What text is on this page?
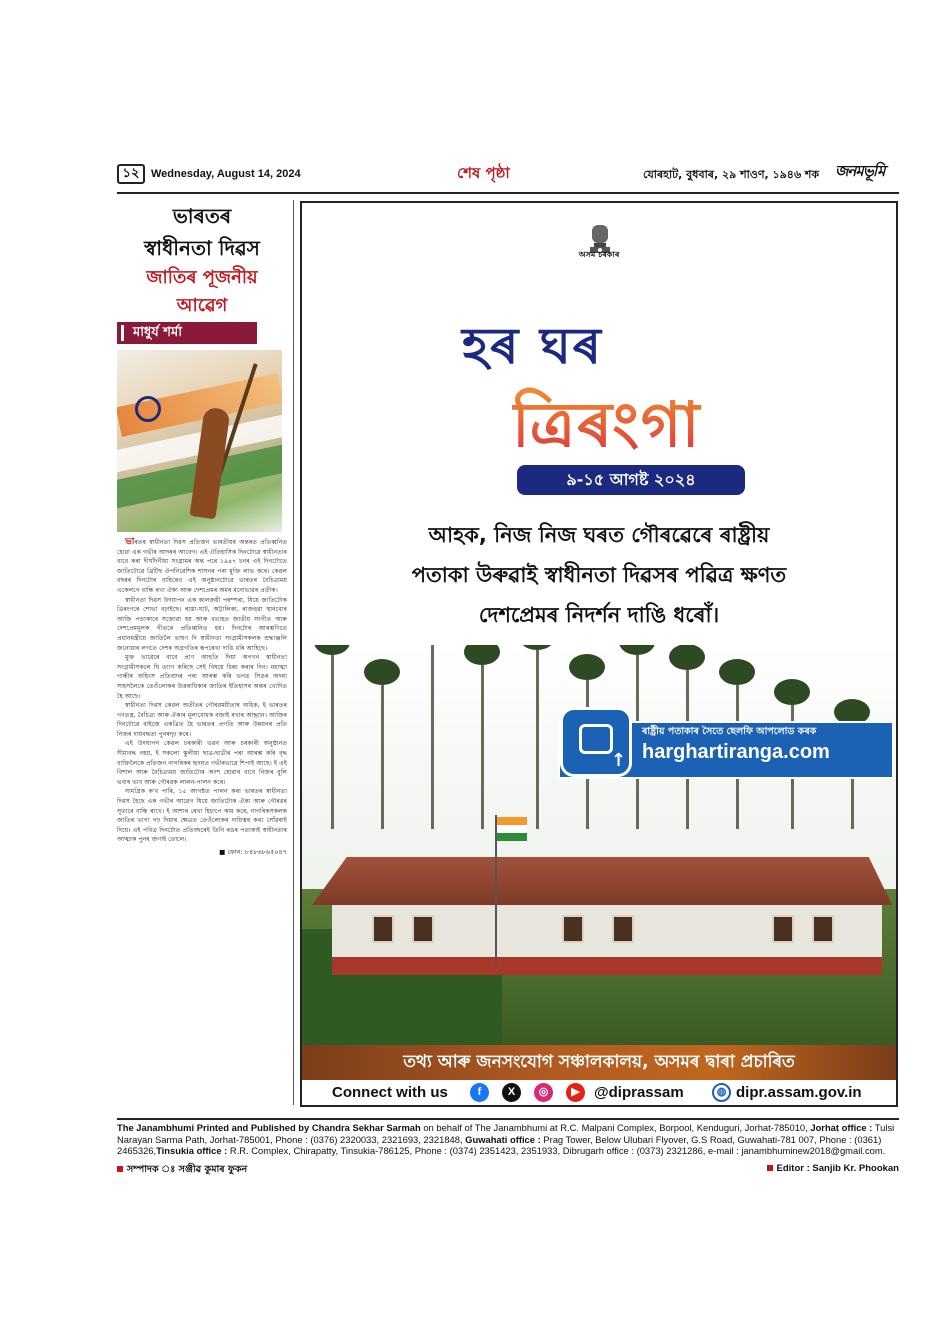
১২	Wednesday, August 14, 2024	শেষ পৃষ্ঠা	যোৰহাট, বুধবাৰ, ২৯ শাওণ, ১৯৪৬ শক জনমভূমি
ভাৰতৰ
স্বাধীনতা দিৱস
জাতিৰ পূজনীয়
আৱেগ
মাধুৰ্য শৰ্মা

ভাৰতৰ স্বাধীনতা দিৱস প্ৰতিজন ভাৰতীয়ৰ অন্তৰত প্ৰতিধ্বনিত হোৱা এক গভীৰ আদৰৰ আবেগ। এই ঐতিহাসিক দিনটোৱে স্বাধীনতাৰ বাবে কৰা দীৰ্ঘদিনীয়া সংগ্ৰামৰ অন্ত পৰে ১৯৪৭ চনৰ এই দিনটোতে জাতিটোৱে ব্ৰিটিছ ঔপনিৱেশিক শাসনৰ পৰা মুক্তি লাভ কৰে। কেৱল বছৰৰ দিনটোৰ বাহিৰেও এই অনুষ্ঠানটোৱে ভাৰতৰ বৈচিত্ৰ্যময় একেলগে বান্ধি ৰখা ঐক্য আৰু দেশপ্ৰেমৰ অমৰ মনোভাৱৰ প্ৰতীক।

স্বাধীনতা দিৱস উদযাপন এক কালজয়ী পৰম্পৰা, যিয়ে জাতিটোক ত্ৰিৰংগৰে শোভা বঢ়াইছে। ৰাস্তা-ঘাট, অট্টালিকা, ৰাজহুৱা স্থানবোৰ আজি পতাকাৰে সজোৱা হয় আৰু বতাহত জাতীয় সংগীত আৰু দেশপ্ৰেমমূলক গীতৰে প্ৰতিধ্বনিত হয়। দিনটোৰ আৰম্ভণিতে প্ৰধানমন্ত্ৰীয়ে জাতিলৈ ভাষণ দি স্বাধীনতা সংগ্ৰামীসকলক শ্ৰদ্ধাঞ্জলি জনোৱাৰ লগতে দেশৰ অগ্ৰগতিৰ ৰূপৰেখা দাঙি ধৰি আহিছে।

মুক্ত ভাৱেৰে বাবে প্ৰাণ আহুতি দিয়া অগণন স্বাধীনতা সংগ্ৰামীসকলে যি ত্যাগ কৰিছে সেই বিষয়ে চিন্তা কৰাৰ দিন। মহাত্মা গান্ধীৰ অহিংস প্ৰতিবাদৰ পৰা আৰম্ভ কৰি ভগত সিঙৰ অদম্য সাহসলৈকে তেওঁলোকৰ উত্তৰাধিকাৰ জাতিৰ ইতিহাসৰ অন্তৰ খোদিত হৈ আছে।

স্বাধীনতা দিৱস কেৱল অতীতৰ গৌৰৱময়ীতাৰ অধিক, ই ভাৰতৰ গণতন্ত্ৰ, বৈচিত্ৰ্য আৰু ঐক্যৰ মূল্যবোধক বজাই ৰখাৰ আহ্বান। আজিৰ দিনটোৱে বাইজে একত্ৰিত হৈ ভাৰতৰ প্ৰগতি আৰু উন্নয়নৰ প্ৰতি নিজৰ দায়বদ্ধতা পুনৰদৃঢ় কৰে।

এই উদযাপন কেৱল চৰকাৰী ভৱন আৰু চৰকাৰী অনুষ্ঠানত সীমাবদ্ধ নহয়, ই সকলো স্কুলীয়া ছাত্ৰ-ছাত্ৰীৰ পৰা আৰম্ভ কৰি বৃদ্ধ ব্যক্তিলৈকে প্ৰতিজন নাগৰিকৰ হৃদয়ত গভীৰভাৱে শিপাই আছে। ই এই বিশাল আৰু বৈচিত্ৰ্যময় জাতিটোৰ অংশ হোৱাৰ বাবে নিজৰ বুলি ভবাৰ ভাব আৰু গৌৰৱক লালন-পালন কৰে।

সামগ্ৰিক ক'ব পাৰি, ১৫ আগষ্টত পালন কৰা ভাৰতৰ স্বাধীনতা দিৱস হৈছে এক গভীৰ আৱেগ যিয়ে জাতিটোক ঐক্য আৰু গৌৰৱৰ সূতাৰে বান্ধি ৰাখে। ই আশাৰ ৰেখা হিচাপে কাম কৰে, নাগৰিকসকলক জাতিৰ ভাগ্য গঢ় দিয়াৰ ক্ষেত্ৰত তেওঁলোকৰ দায়িত্বৰ কথা সোঁৱৰাই দিয়ে। এই পবিত্ৰ দিনটোত প্ৰতিবছৰেই তিনি ৰঙৰ পতাকাই স্বাধীনতাৰ আত্মাক পুনৰ জগাই তোলে।

■ ফোন: ৮৪৮৬৮৬৫০৪৭
অসম চৰকাৰ
হৰ ঘৰ
ত্ৰিৰংগা
৯-১৫ আগষ্ট ২০২৪
আহক, নিজ নিজ ঘৰত গৌৰৱেৰে ৰাষ্ট্ৰীয়
পতাকা উৰুৱাই স্বাধীনতা দিৱসৰ পৱিত্ৰ ক্ষণত
দেশপ্ৰেমৰ নিদৰ্শন দাঙি ধৰোঁ।
↑
ৰাষ্ট্ৰীয় পতাকাৰ সৈতে ছেলফি আপলোড কৰক
harghartiranga.com
তথ্য আৰু জনসংযোগ সঞ্চালকালয়, অসমৰ দ্বাৰা প্ৰচাৰিত
Connect with us	f	X	◎	▶ @diprassam	◍ dipr.assam.gov.in
The Janambhumi Printed and Published by Chandra Sekhar Sarmah on behalf of The Janambhumi at R.C. Malpani Complex, Borpool, Kenduguri, Jorhat-785010, Jorhat office : Tulsi Narayan Sarma Path, Jorhat-785001, Phone : (0376) 2320033, 2321693, 2321848, Guwahati office : Prag Tower, Below Ulubari Flyover, G.S Road, Guwahati-781 007, Phone : (0361) 2465326,Tinsukia office : R.R. Complex, Chirapatty, Tinsukia-786125, Phone : (0374) 2351423, 2351933, Dibrugarh office : (0373) 2321286, e-mail : janambhuminew2018@gmail.com.
সম্পাদক ঃ সঞ্জীৱ কুমাৰ ফুকন	Editor : Sanjib Kr. Phookan
